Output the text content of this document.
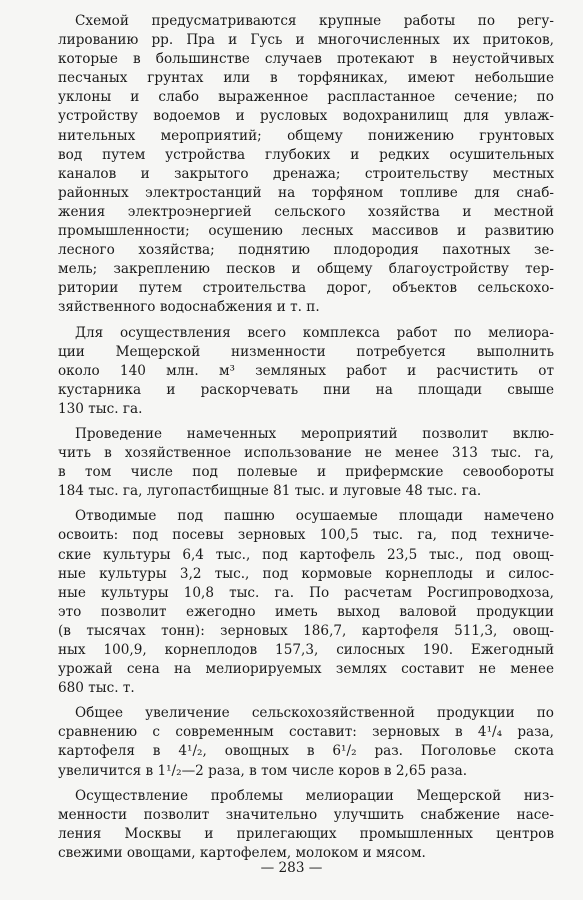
Схемой предусматриваются крупные работы по регу-
лированию рр. Пра и Гусь и многочисленных их притоков,
которые в большинстве случаев протекают в неустойчивых
песчаных грунтах или в торфяниках, имеют небольшие
уклоны и слабо выраженное распластанное сечение; по
устройству водоемов и русловых водохранилищ для увлаж-
нительных мероприятий; общему понижению грунтовых
вод путем устройства глубоких и редких осушительных
каналов и закрытого дренажа; строительству местных
районных электростанций на торфяном топливе для снаб-
жения электроэнергией сельского хозяйства и местной
промышленности; осушению лесных массивов и развитию
лесного хозяйства; поднятию плодородия пахотных зе-
мель; закреплению песков и общему благоустройству тер-
ритории путем строительства дорог, объектов сельскохо-
зяйственного водоснабжения и т. п.
Для осуществления всего комплекса работ по мелиора-
ции Мещерской низменности потребуется выполнить
около 140 млн. м³ земляных работ и расчистить от
кустарника и раскорчевать пни на площади свыше
130 тыс. га.
Проведение намеченных мероприятий позволит вклю-
чить в хозяйственное использование не менее 313 тыс. га,
в том числе под полевые и прифермские севообороты
184 тыс. га, лугопастбищные 81 тыс. и луговые 48 тыс. га.
Отводимые под пашню осушаемые площади намечено
освоить: под посевы зерновых 100,5 тыс. га, под техниче-
ские культуры 6,4 тыс., под картофель 23,5 тыс., под овощ-
ные культуры 3,2 тыс., под кормовые корнеплоды и силос-
ные культуры 10,8 тыс. га. По расчетам Росгипроводхоза,
это позволит ежегодно иметь выход валовой продукции
(в тысячах тонн): зерновых 186,7, картофеля 511,3, овощ-
ных 100,9, корнеплодов 157,3, силосных 190. Ежегодный
урожай сена на мелиорируемых землях составит не менее
680 тыс. т.
Общее увеличение сельскохозяйственной продукции по
сравнению с современным составит: зерновых в 4¹/₄ раза,
картофеля в 4¹/₂, овощных в 6¹/₂ раз. Поголовье скота
увеличится в 1¹/₂—2 раза, в том числе коров в 2,65 раза.
Осуществление проблемы мелиорации Мещерской низ-
менности позволит значительно улучшить снабжение насе-
ления Москвы и прилегающих промышленных центров
свежими овощами, картофелем, молоком и мясом.
— 283 —
